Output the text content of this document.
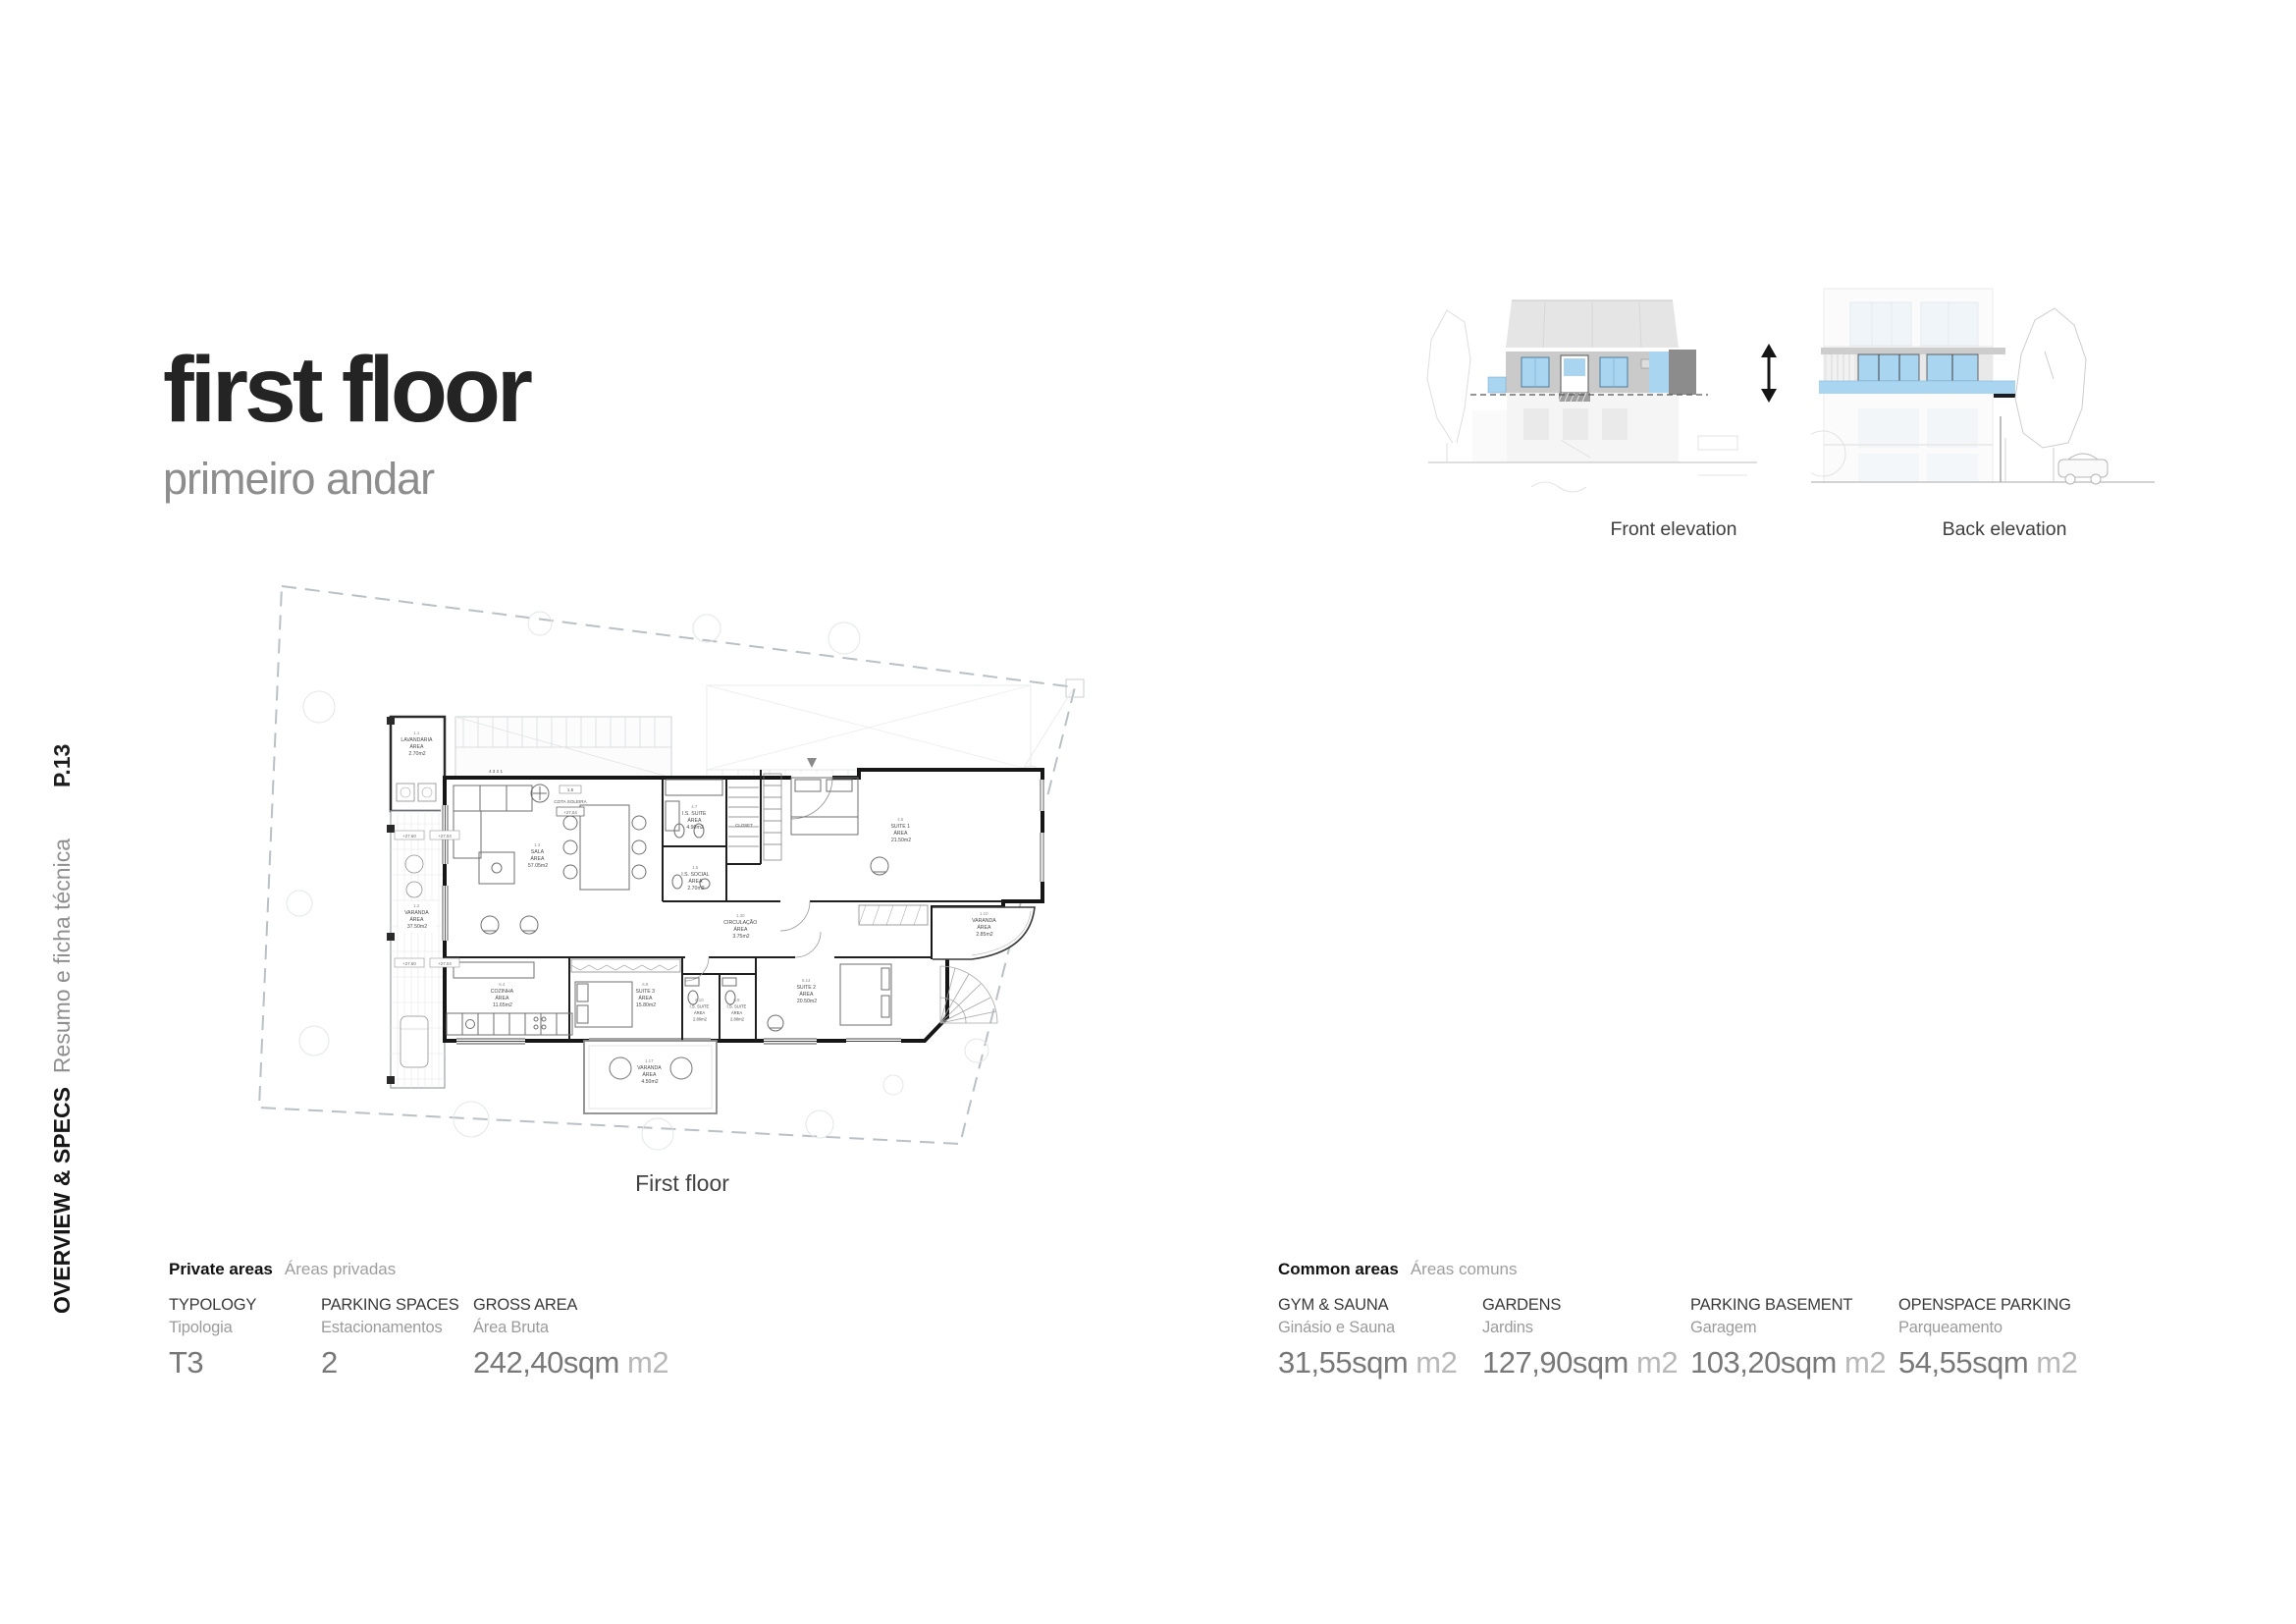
first floor
primeiro andar
OVERVIEW & SPECS
Resumo e ficha técnica
P.13	4 3 2 1
+27.60	+27.04
+27.60	+27.04
1.5
COTA SOLEIRA
+27.04
1.1 LAVANDARIA ÁREA 2.70m2
1.2 VARANDA ÁREA 37.50m2
1.3 SALA ÁREA 57.05m2
4.7 I.S. SUITE ÁREA 4.90m2	CLOSET
4.6 SUITE 1 ÁREA 21.50m2
1.5 I.S. SOCIAL ÁREA 2.70m2
1.30 CIRCULAÇÃO ÁREA 3.75m2
1.10 VARANDA ÁREA 2.85m2
6.4 COZINHA ÁREA 11.65m2
6.8 SUITE 3 ÁREA 15.80m2
6.10 I.S. SUITE ÁREA 2.80m2
6.9 I.S. SUITE ÁREA 2.80m2
6.14 SUITE 2 ÁREA 20.50m2
1.17 VARANDA ÁREA 4.50m2
First floor
Front elevation	Back elevation
Private areas Áreas privadas
TYPOLOGY
Tipologia
T3
PARKING SPACES
Estacionamentos
2
GROSS AREA
Área Bruta
242,40sqm m2
Common areas Áreas comuns
GYM & SAUNA
Ginásio e Sauna
31,55sqm m2
GARDENS
Jardins
127,90sqm m2
PARKING BASEMENT
Garagem
103,20sqm m2
OPENSPACE PARKING
Parqueamento
54,55sqm m2
